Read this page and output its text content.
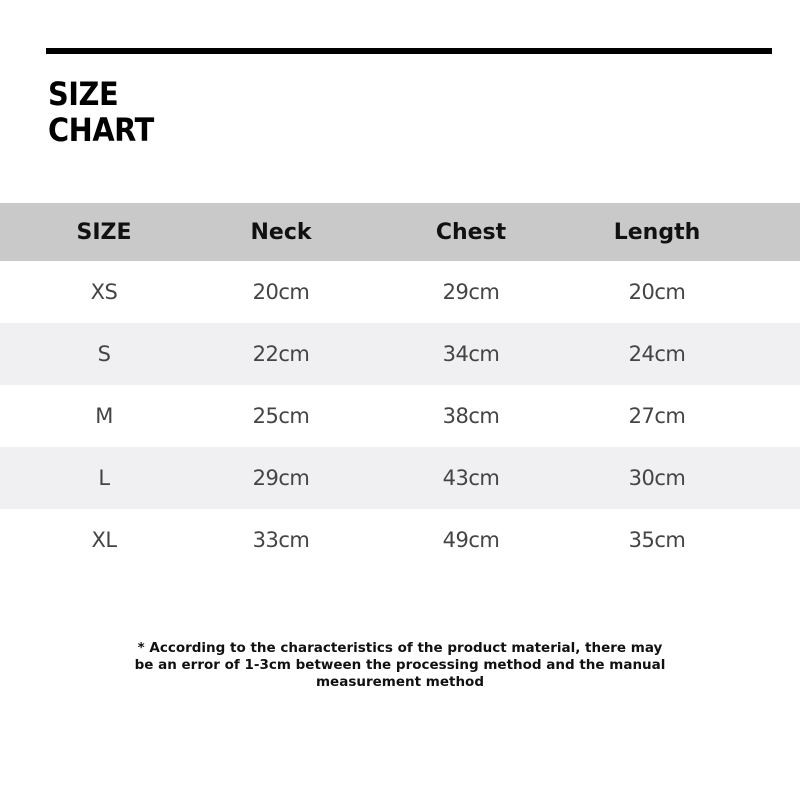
SIZE
CHART
SIZE	Neck	Chest	Length
XS	20cm	29cm	20cm
S	22cm	34cm	24cm
M	25cm	38cm	27cm
L	29cm	43cm	30cm
XL	33cm	49cm	35cm

* According to the characteristics of the product material, there may be an error of 1-3cm between the processing method and the manual measurement method
